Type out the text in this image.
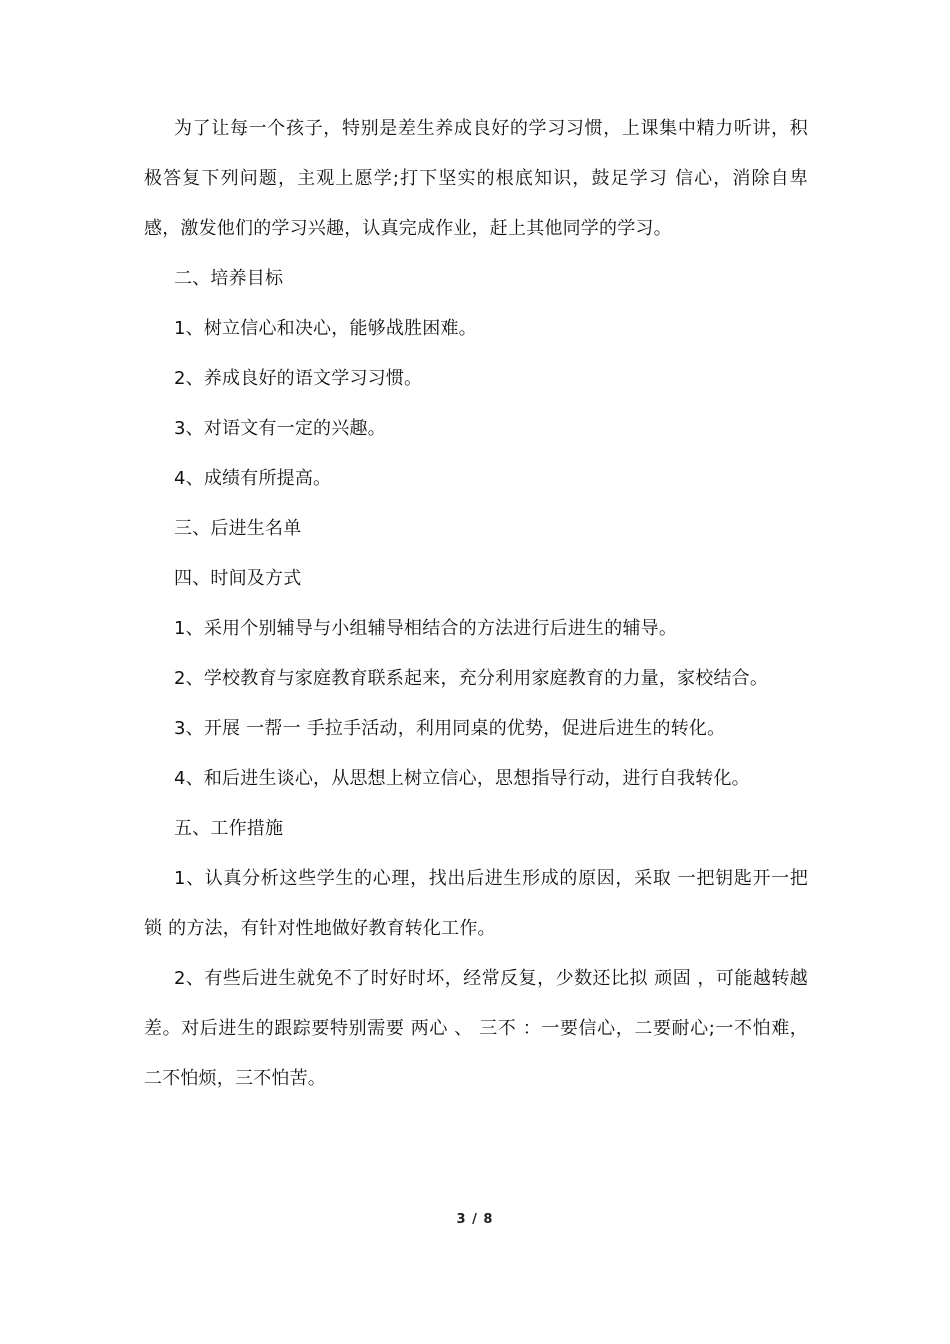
为了让每一个孩子，特别是差生养成良好的学习习惯，上课集中精力听讲，积极答复下列问题，主观上愿学;打下坚实的根底知识，鼓足学习 信心，消除自卑感，激发他们的学习兴趣，认真完成作业，赶上其他同学的学习。

二、培养目标

1、树立信心和决心，能够战胜困难。

2、养成良好的语文学习习惯。

3、对语文有一定的兴趣。

4、成绩有所提高。

三、后进生名单

四、时间及方式

1、采用个别辅导与小组辅导相结合的方法进行后进生的辅导。

2、学校教育与家庭教育联系起来，充分利用家庭教育的力量，家校结合。

3、开展 一帮一 手拉手活动，利用同桌的优势，促进后进生的转化。

4、和后进生谈心，从思想上树立信心，思想指导行动，进行自我转化。

五、工作措施

1、认真分析这些学生的心理，找出后进生形成的原因，采取 一把钥匙开一把锁 的方法，有针对性地做好教育转化工作。

2、有些后进生就免不了时好时坏，经常反复，少数还比拟 顽固 ，可能越转越差。对后进生的跟踪要特别需要 两心 、 三不 ：一要信心，二要耐心;一不怕难，二不怕烦，三不怕苦。

3 / 8
